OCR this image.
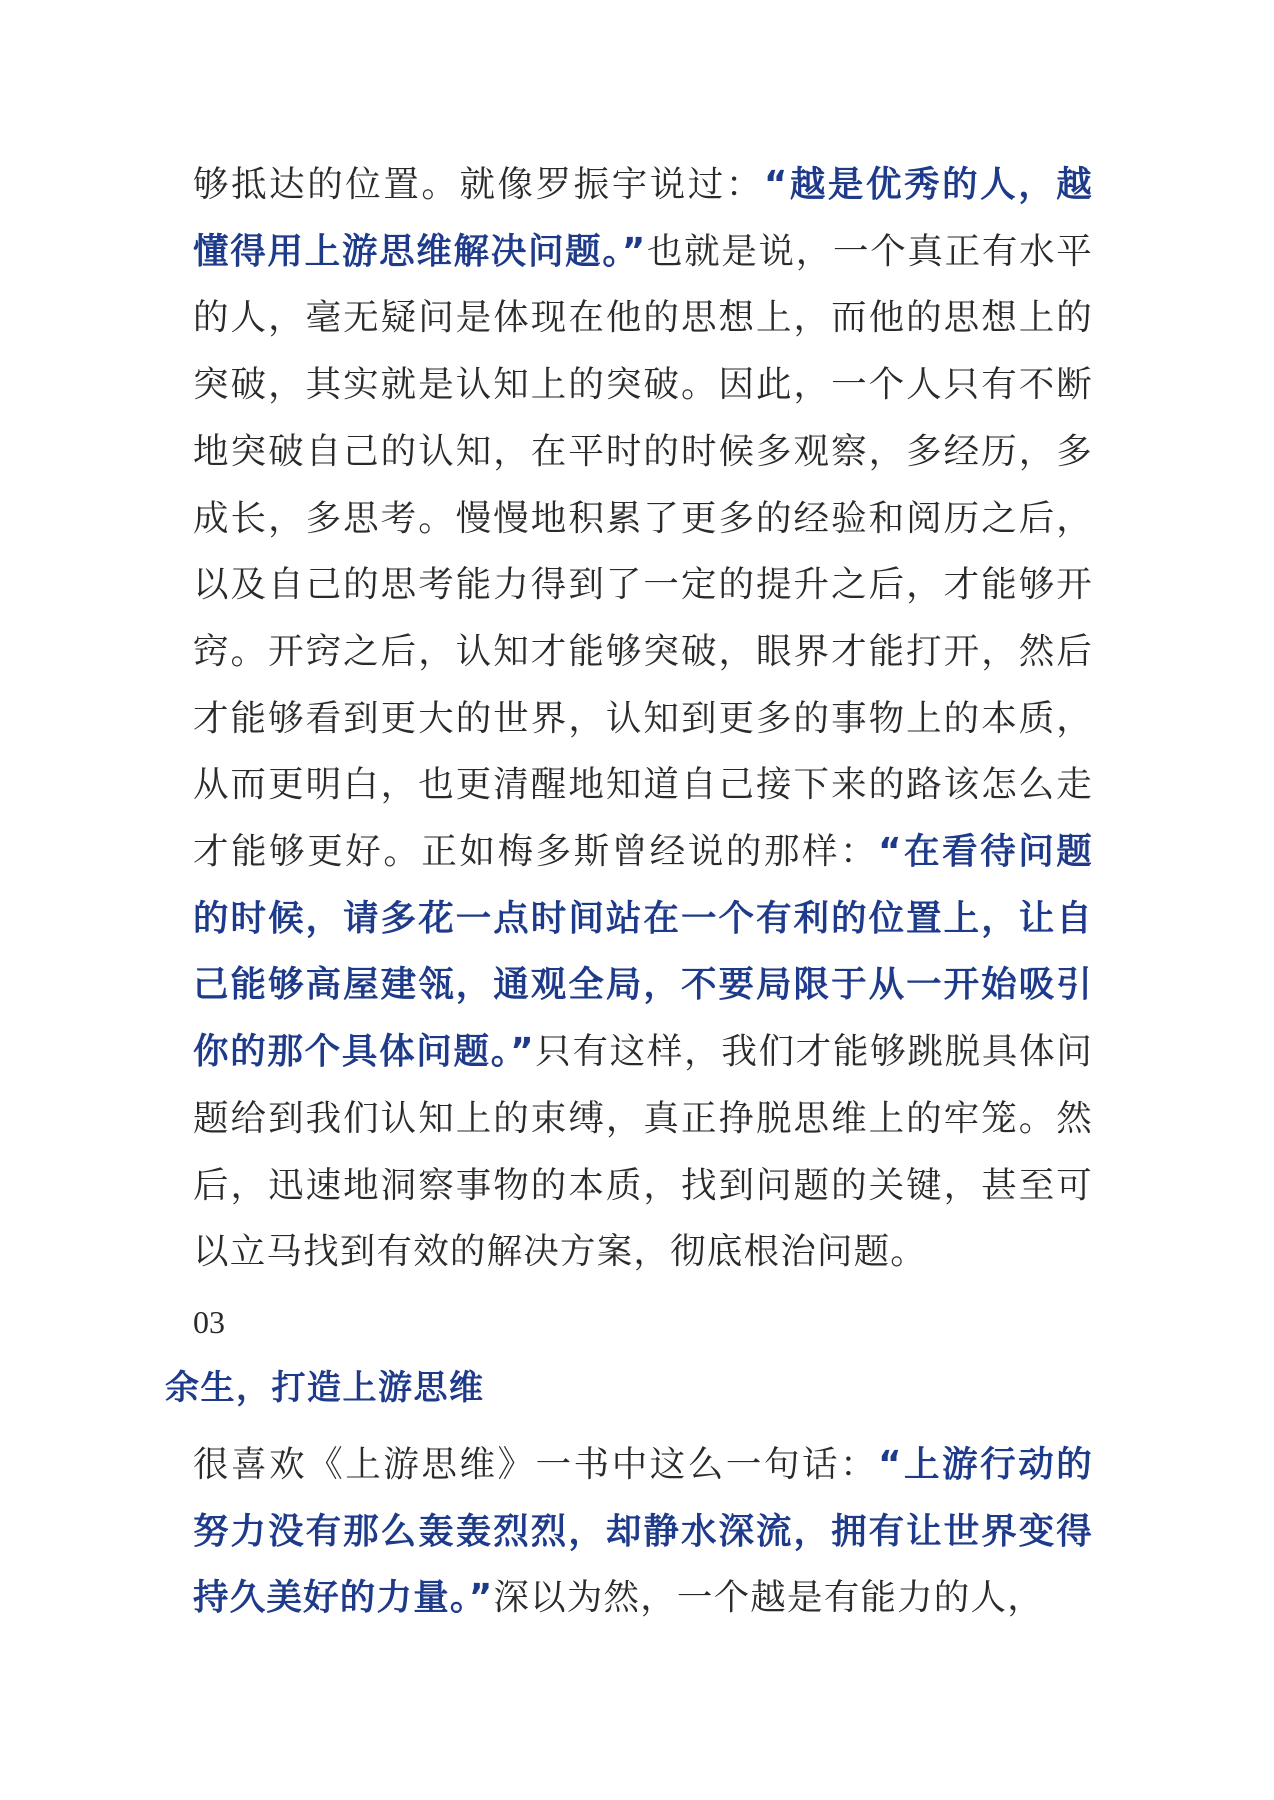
够抵达的位置。就像罗振宇说过：“越是优秀的人，越懂得用上游思维解决问题。”也就是说，一个真正有水平的人，毫无疑问是体现在他的思想上，而他的思想上的突破，其实就是认知上的突破。因此，一个人只有不断地突破自己的认知，在平时的时候多观察，多经历，多成长，多思考。慢慢地积累了更多的经验和阅历之后，以及自己的思考能力得到了一定的提升之后，才能够开窍。开窍之后，认知才能够突破，眼界才能打开，然后才能够看到更大的世界，认知到更多的事物上的本质，从而更明白，也更清醒地知道自己接下来的路该怎么走才能够更好。正如梅多斯曾经说的那样：“在看待问题的时候，请多花一点时间站在一个有利的位置上，让自己能够高屋建瓴，通观全局，不要局限于从一开始吸引你的那个具体问题。”只有这样，我们才能够跳脱具体问题给到我们认知上的束缚，真正挣脱思维上的牢笼。然后，迅速地洞察事物的本质，找到问题的关键，甚至可以立马找到有效的解决方案，彻底根治问题。

03
余生，打造上游思维

很喜欢《上游思维》一书中这么一句话：“上游行动的努力没有那么轰轰烈烈，却静水深流，拥有让世界变得持久美好的力量。”深以为然，一个越是有能力的人，
